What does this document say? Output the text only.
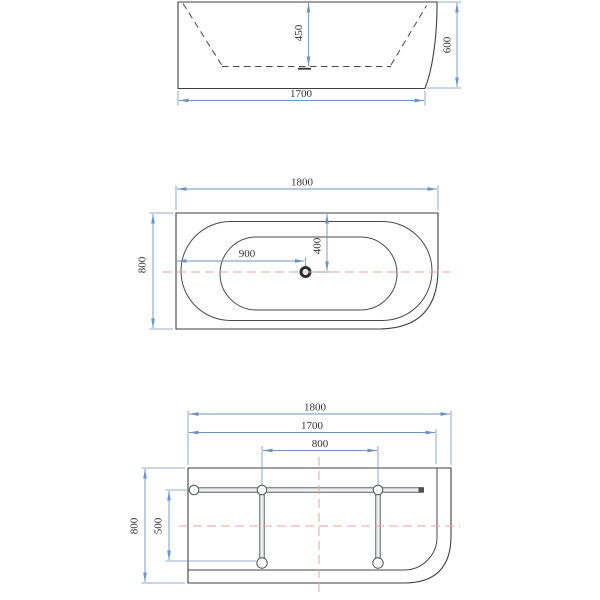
450
600
1700
1800
800
900	400
1800
1700
800
800 500
